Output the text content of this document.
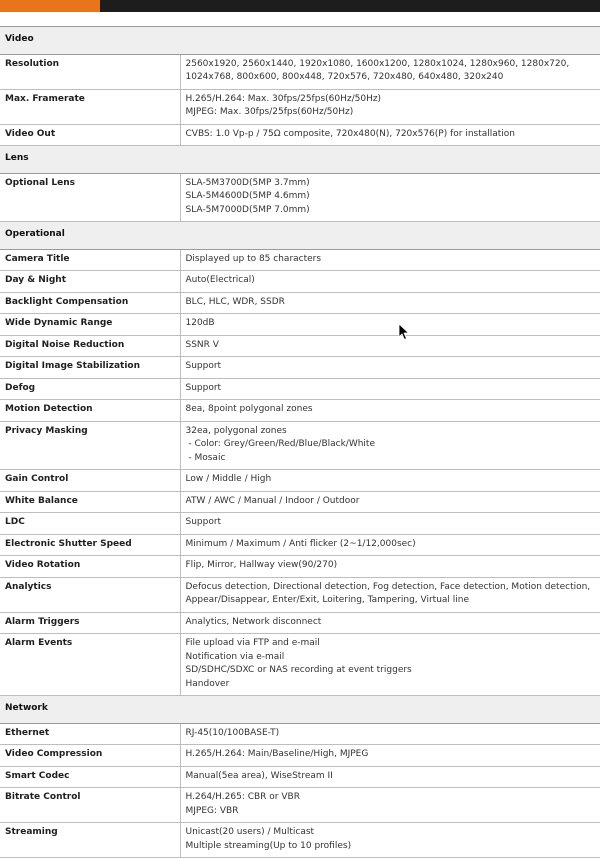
Video	
Resolution	2560x1920, 2560x1440, 1920x1080, 1600x1200, 1280x1024, 1280x960, 1280x720,
1024x768, 800x600, 800x448, 720x576, 720x480, 640x480, 320x240

Max. Framerate	H.265/H.264: Max. 30fps/25fps(60Hz/50Hz)
MJPEG: Max. 30fps/25fps(60Hz/50Hz)

Video Out	CVBS: 1.0 Vp-p / 75Ω composite, 720x480(N), 720x576(P) for installation

Lens	
Optional Lens	SLA-5M3700D(5MP 3.7mm)
SLA-5M4600D(5MP 4.6mm)
SLA-5M7000D(5MP 7.0mm)

Operational	
Camera Title	Displayed up to 85 characters

Day & Night	Auto(Electrical)

Backlight Compensation	BLC, HLC, WDR, SSDR

Wide Dynamic Range	120dB

Digital Noise Reduction	SSNR V

Digital Image Stabilization	Support

Defog	Support

Motion Detection	8ea, 8point polygonal zones

Privacy Masking	32ea, polygonal zones
- Color: Grey/Green/Red/Blue/Black/White
- Mosaic

Gain Control	Low / Middle / High

White Balance	ATW / AWC / Manual / Indoor / Outdoor

LDC	Support

Electronic Shutter Speed	Minimum / Maximum / Anti flicker (2~1/12,000sec)

Video Rotation	Flip, Mirror, Hallway view(90/270)

Analytics	Defocus detection, Directional detection, Fog detection, Face detection, Motion detection,
Appear/Disappear, Enter/Exit, Loitering, Tampering, Virtual line

Alarm Triggers	Analytics, Network disconnect

Alarm Events	File upload via FTP and e-mail
Notification via e-mail
SD/SDHC/SDXC or NAS recording at event triggers
Handover

Network	
Ethernet	RJ-45(10/100BASE-T)

Video Compression	H.265/H.264: Main/Baseline/High, MJPEG

Smart Codec	Manual(5ea area), WiseStream II

Bitrate Control	H.264/H.265: CBR or VBR
MJPEG: VBR

Streaming	Unicast(20 users) / Multicast
Multiple streaming(Up to 10 profiles)
